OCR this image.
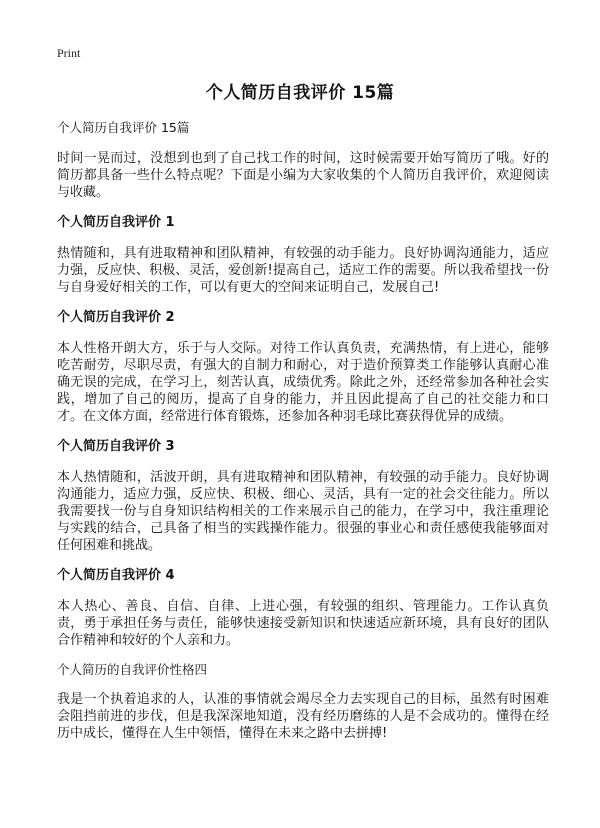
Print
个人简历自我评价 15篇

个人简历自我评价 15篇

时间一晃而过，没想到也到了自己找工作的时间，这时候需要开始写简历了哦。好的简历都具备一些什么特点呢？下面是小编为大家收集的个人简历自我评价，欢迎阅读与收藏。

个人简历自我评价 1

热情随和，具有进取精神和团队精神，有较强的动手能力。良好协调沟通能力，适应力强，反应快、积极、灵活，爱创新!提高自己，适应工作的需要。所以我希望找一份与自身爱好相关的工作，可以有更大的空间来证明自己，发展自己!

个人简历自我评价 2

本人性格开朗大方，乐于与人交际。对待工作认真负责，充满热情，有上进心，能够吃苦耐劳，尽职尽责，有强大的自制力和耐心，对于造价预算类工作能够认真耐心准确无误的完成，在学习上，刻苦认真，成绩优秀。除此之外，还经常参加各种社会实践，增加了自己的阅历，提高了自身的能力，并且因此提高了自己的社交能力和口才。在文体方面，经常进行体育锻炼，还参加各种羽毛球比赛获得优异的成绩。

个人简历自我评价 3

本人热情随和，活波开朗，具有进取精神和团队精神，有较强的动手能力。良好协调沟通能力，适应力强，反应快、积极、细心、灵活，具有一定的社会交往能力。所以我需要找一份与自身知识结构相关的工作来展示自己的能力，在学习中，我注重理论与实践的结合，己具备了相当的实践操作能力。很强的事业心和责任感使我能够面对任何困难和挑战。

个人简历自我评价 4

本人热心、善良、自信、自律、上进心强，有较强的组织、管理能力。工作认真负责，勇于承担任务与责任，能够快速接受新知识和快速适应新环境，具有良好的团队合作精神和较好的个人亲和力。

个人简历的自我评价性格四

我是一个执着追求的人，认准的事情就会竭尽全力去实现自己的目标，虽然有时困难会阻挡前进的步伐，但是我深深地知道，没有经历磨练的人是不会成功的。懂得在经历中成长，懂得在人生中领悟，懂得在未来之路中去拼搏!
